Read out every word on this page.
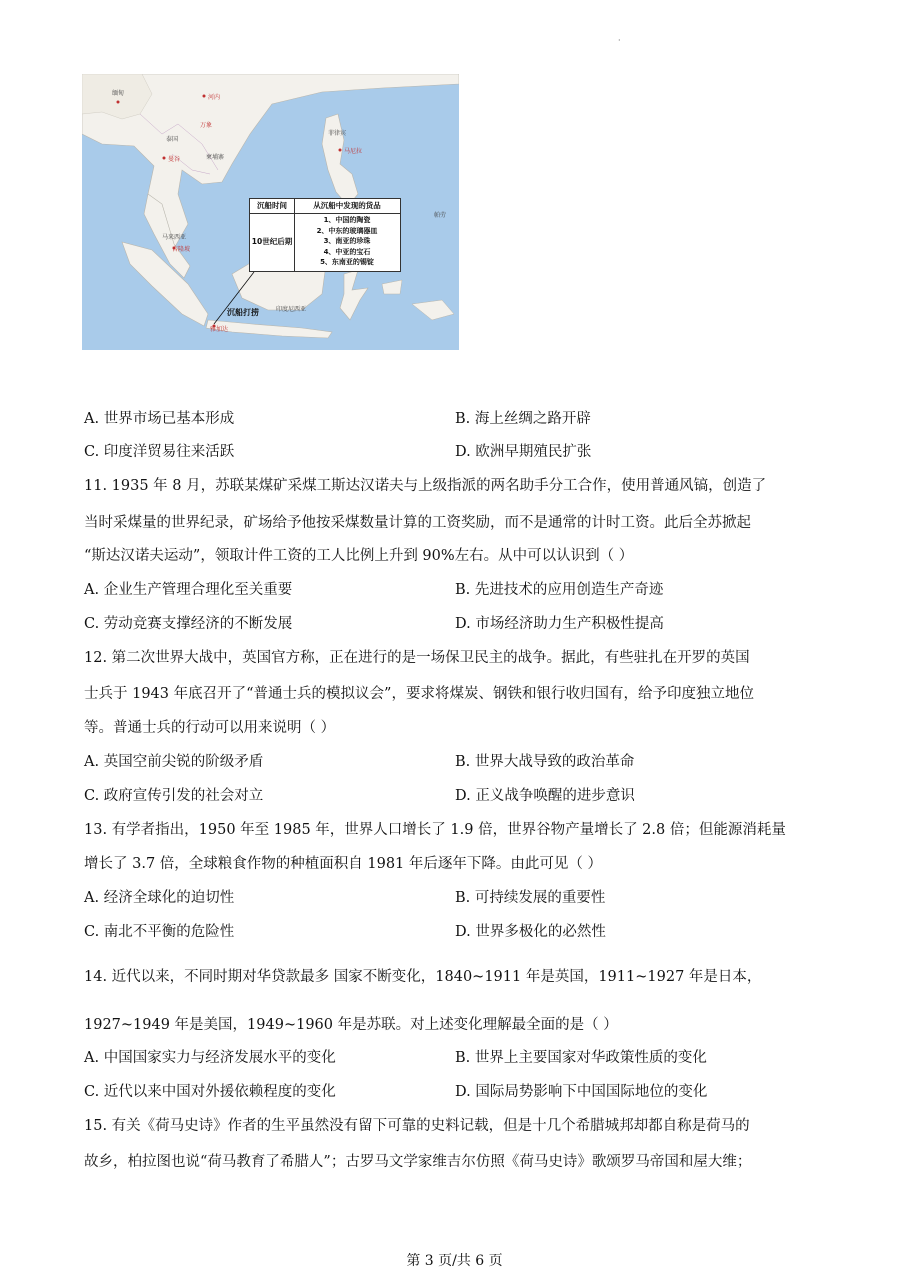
·
缅甸
河内
万象
泰国
曼谷	柬埔寨
菲律宾
马尼拉
帕劳
马来西亚
吉隆坡
印度尼西亚
雅加达
沉船时间	从沉船中发现的货品
10世纪后期
1、中国的陶瓷
2、中东的玻璃器皿
3、南亚的珍珠
4、中亚的宝石
5、东南亚的锡锭
沉船打捞
A. 世界市场已基本形成	B. 海上丝绸之路开辟
C. 印度洋贸易往来活跃	D. 欧洲早期殖民扩张
11. 1935 年 8 月，苏联某煤矿采煤工斯达汉诺夫与上级指派的两名助手分工合作，使用普通风镐，创造了
当时采煤量的世界纪录，矿场给予他按采煤数量计算的工资奖励，而不是通常的计时工资。此后全苏掀起
“斯达汉诺夫运动”，领取计件工资的工人比例上升到 90%左右。从中可以认识到（ ）
A. 企业生产管理合理化至关重要	B. 先进技术的应用创造生产奇迹
C. 劳动竞赛支撑经济的不断发展	D. 市场经济助力生产积极性提高
12. 第二次世界大战中，英国官方称，正在进行的是一场保卫民主的战争。据此，有些驻扎在开罗的英国
士兵于 1943 年底召开了“普通士兵的模拟议会”，要求将煤炭、钢铁和银行收归国有，给予印度独立地位
等。普通士兵的行动可以用来说明（ ）
A. 英国空前尖锐的阶级矛盾	B. 世界大战导致的政治革命
C. 政府宣传引发的社会对立	D. 正义战争唤醒的进步意识
13. 有学者指出，1950 年至 1985 年，世界人口增长了 1.9 倍，世界谷物产量增长了 2.8 倍；但能源消耗量
增长了 3.7 倍，全球粮食作物的种植面积自 1981 年后逐年下降。由此可见（ ）
A. 经济全球化的迫切性	B. 可持续发展的重要性
C. 南北不平衡的危险性	D. 世界多极化的必然性
14. 近代以来，不同时期对华贷款最多 国家不断变化，1840~1911 年是英国，1911~1927 年是日本，
1927~1949 年是美国，1949~1960 年是苏联。对上述变化理解最全面的是（ ）
A. 中国国家实力与经济发展水平的变化	B. 世界上主要国家对华政策性质的变化
C. 近代以来中国对外援依赖程度的变化	D. 国际局势影响下中国国际地位的变化
15. 有关《荷马史诗》作者的生平虽然没有留下可靠的史料记载，但是十几个希腊城邦却都自称是荷马的
故乡，柏拉图也说“荷马教育了希腊人”；古罗马文学家维吉尔仿照《荷马史诗》歌颂罗马帝国和屋大维；
第 3 页/共 6 页
